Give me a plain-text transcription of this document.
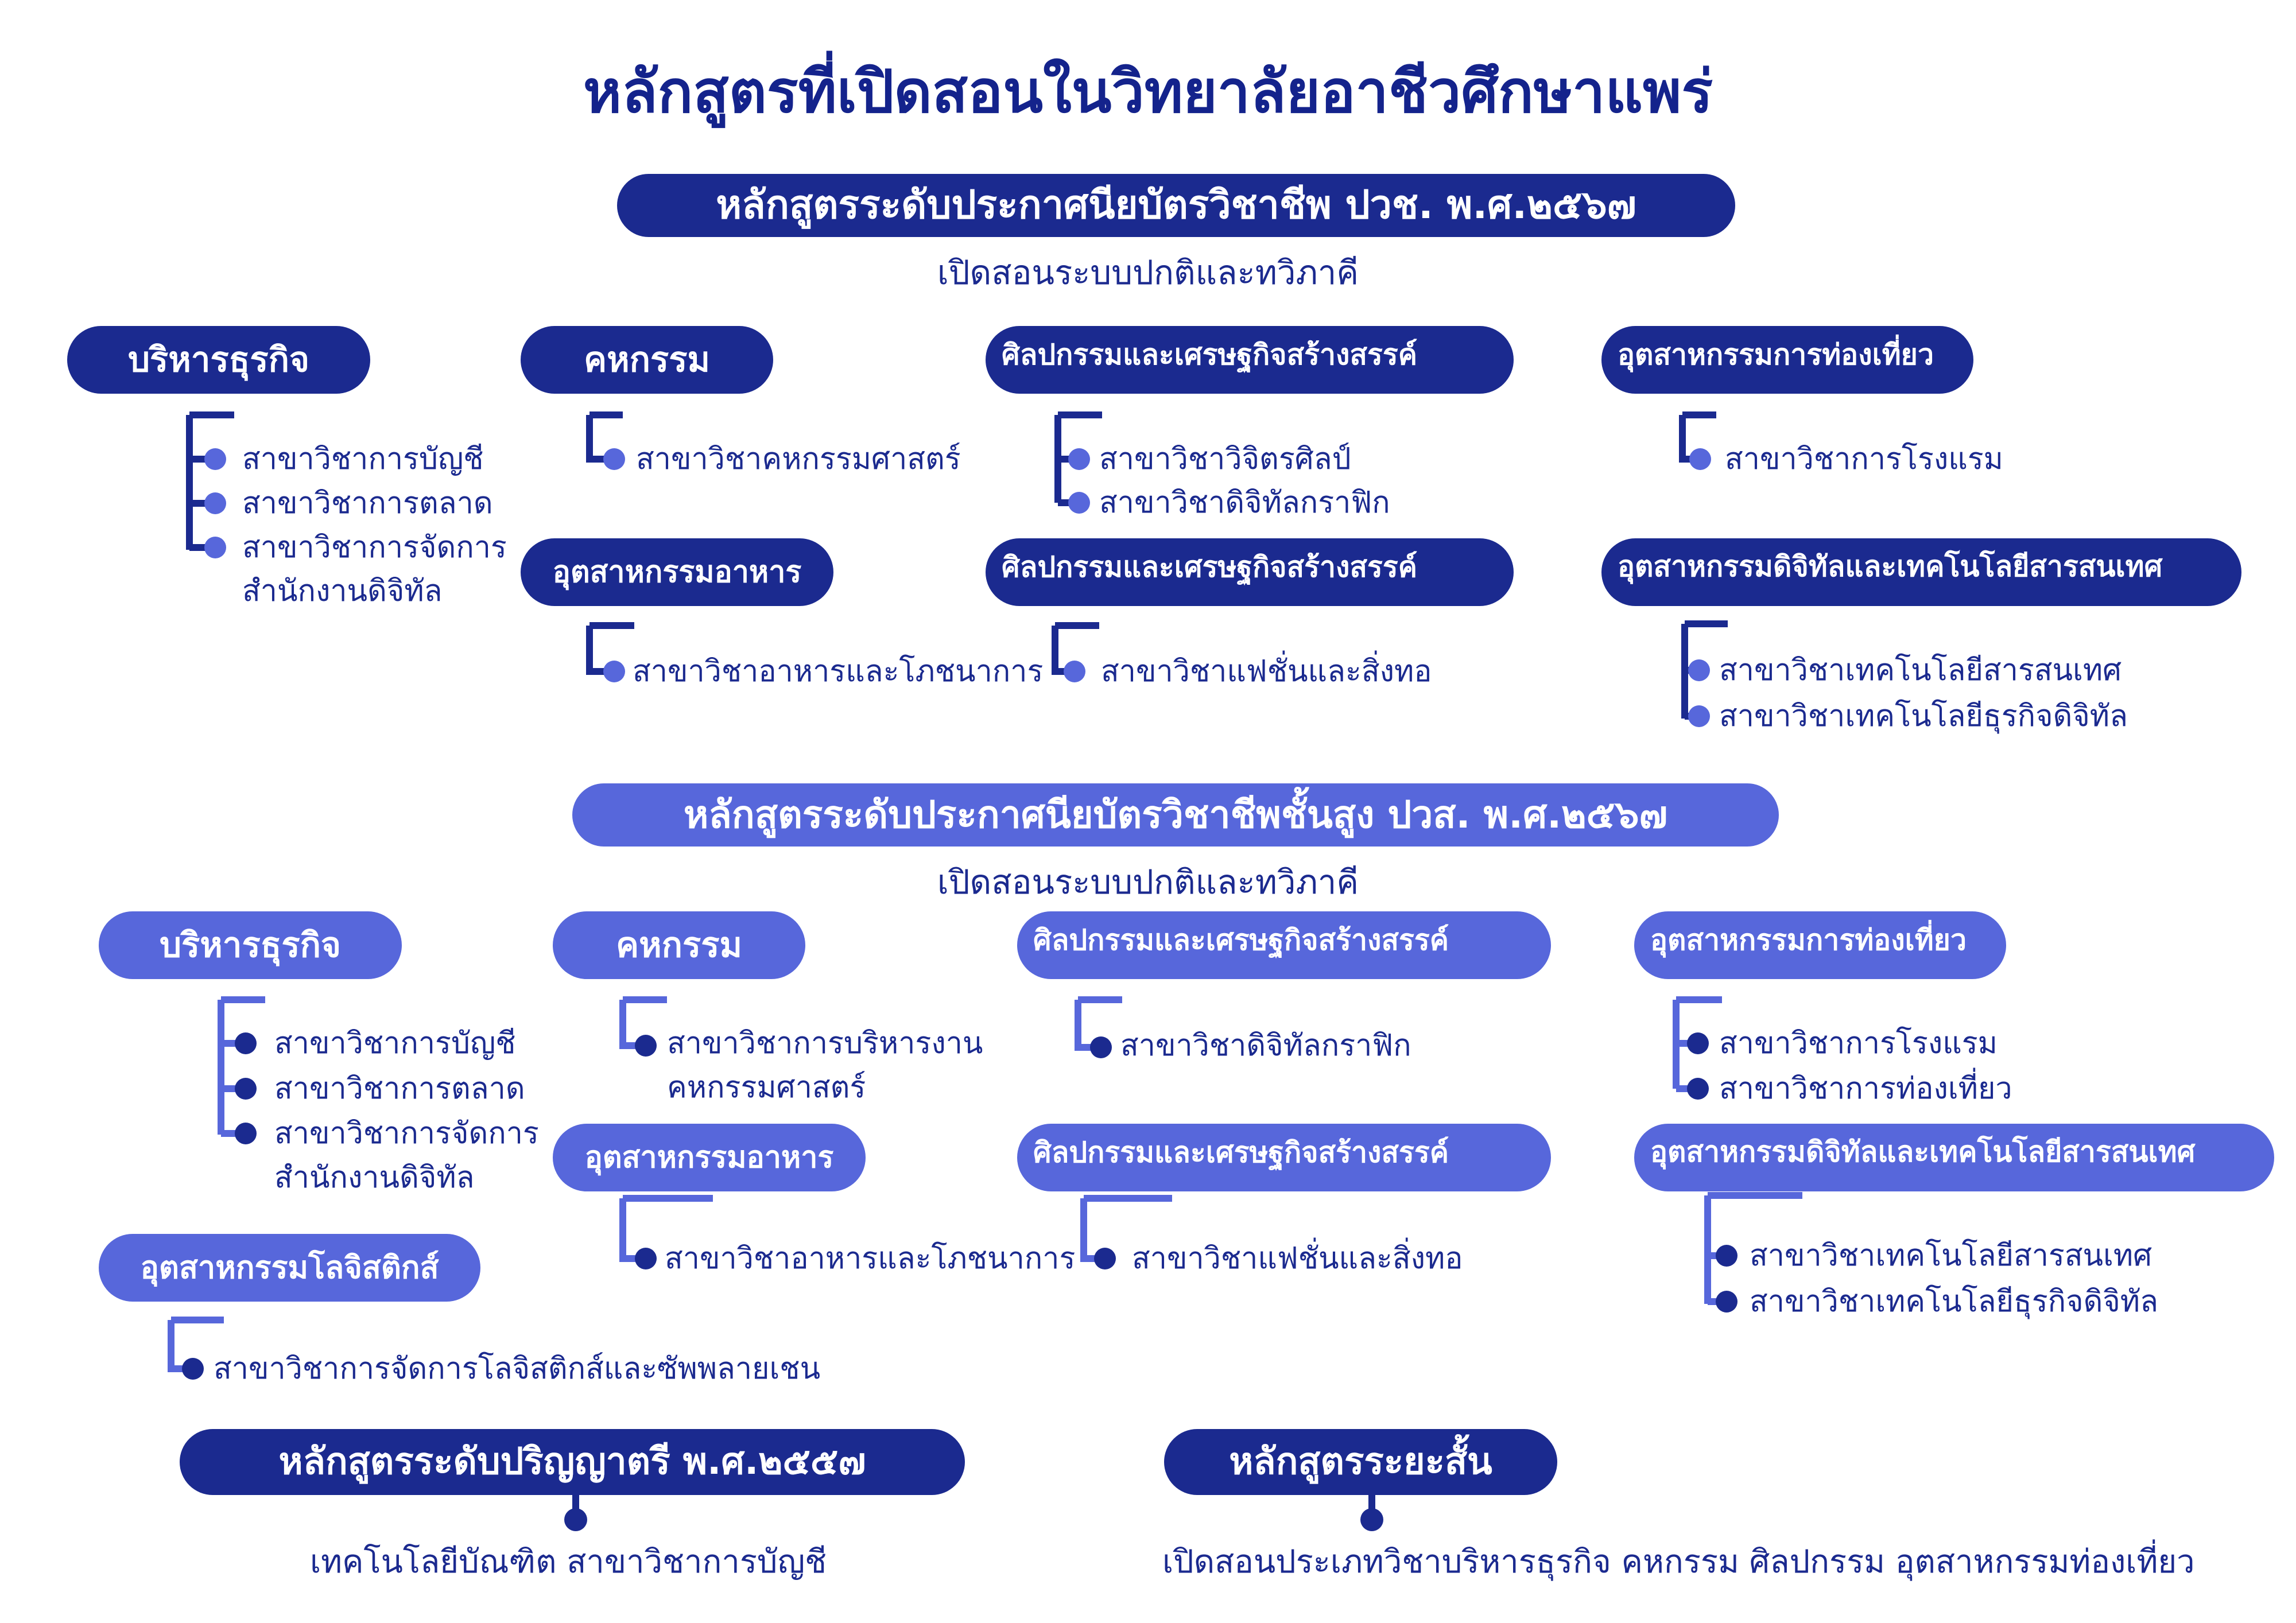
หลักสูตรที่เปิดสอนในวิทยาลัยอาชีวศึกษาแพร่
หลักสูตรระดับประกาศนียบัตรวิชาชีพ ปวช. พ.ศ.๒๕๖๗
เปิดสอนระบบปกติและทวิภาคี
บริหารธุรกิจ
สาขาวิชาการบัญชี
สาขาวิชาการตลาด
สาขาวิชาการจัดการ
สำนักงานดิจิทัล
คหกรรม
สาขาวิชาคหกรรมศาสตร์
ศิลปกรรมและเศรษฐกิจสร้างสรรค์
สาขาวิชาวิจิตรศิลป์
สาขาวิชาดิจิทัลกราฟิก
อุตสาหกรรมการท่องเที่ยว
สาขาวิชาการโรงแรม
อุตสาหกรรมอาหาร
สาขาวิชาอาหารและโภชนาการ
ศิลปกรรมและเศรษฐกิจสร้างสรรค์
สาขาวิชาแฟชั่นและสิ่งทอ
อุตสาหกรรมดิจิทัลและเทคโนโลยีสารสนเทศ
สาขาวิชาเทคโนโลยีสารสนเทศ
สาขาวิชาเทคโนโลยีธุรกิจดิจิทัล
หลักสูตรระดับประกาศนียบัตรวิชาชีพชั้นสูง ปวส. พ.ศ.๒๕๖๗
เปิดสอนระบบปกติและทวิภาคี
บริหารธุรกิจ
สาขาวิชาการบัญชี
สาขาวิชาการตลาด
สาขาวิชาการจัดการ
สำนักงานดิจิทัล
คหกรรม
สาขาวิชาการบริหารงาน
คหกรรมศาสตร์
ศิลปกรรมและเศรษฐกิจสร้างสรรค์
สาขาวิชาดิจิทัลกราฟิก
อุตสาหกรรมการท่องเที่ยว
สาขาวิชาการโรงแรม
สาขาวิชาการท่องเที่ยว
อุตสาหกรรมอาหาร
สาขาวิชาอาหารและโภชนาการ
ศิลปกรรมและเศรษฐกิจสร้างสรรค์
สาขาวิชาแฟชั่นและสิ่งทอ
อุตสาหกรรมดิจิทัลและเทคโนโลยีสารสนเทศ
สาขาวิชาเทคโนโลยีสารสนเทศ
สาขาวิชาเทคโนโลยีธุรกิจดิจิทัล
อุตสาหกรรมโลจิสติกส์
สาขาวิชาการจัดการโลจิสติกส์และซัพพลายเชน
หลักสูตรระดับปริญญาตรี พ.ศ.๒๕๕๗
เทคโนโลยีบัณฑิต สาขาวิชาการบัญชี
หลักสูตรระยะสั้น
เปิดสอนประเภทวิชาบริหารธุรกิจ คหกรรม ศิลปกรรม อุตสาหกรรมท่องเที่ยว
